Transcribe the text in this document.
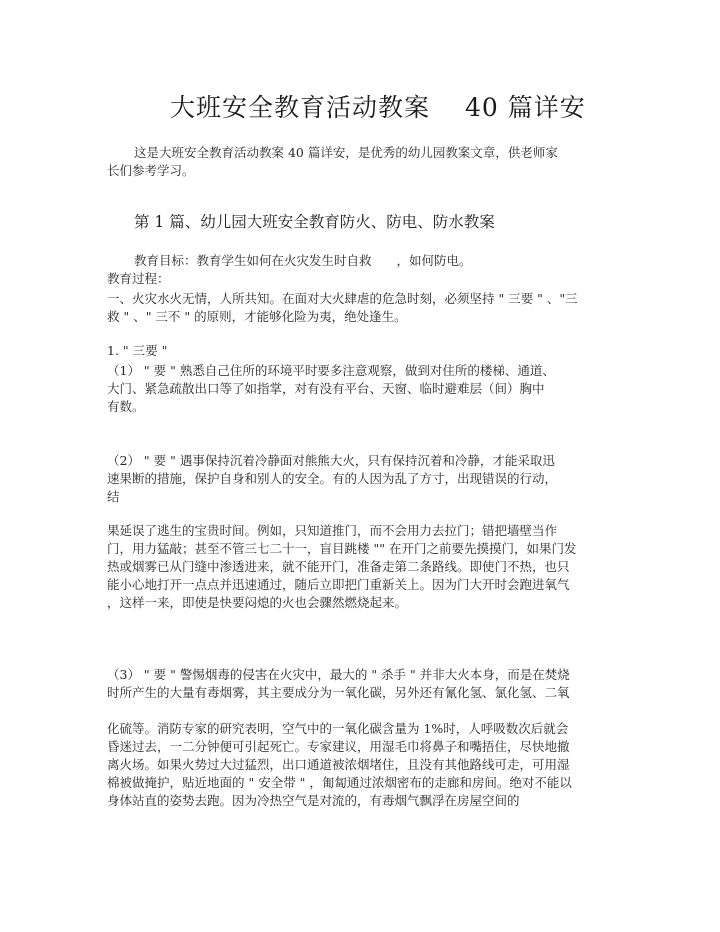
大班安全教育活动教案　 40 篇详安
这是大班安全教育活动教案 40 篇详安，是优秀的幼儿园教案文章，供老师家
长们参考学习。
第 1 篇、幼儿园大班安全教育防火、防电、防水教案
教育目标：教育学生如何在火灾发生时自救　　，如何防电。
教育过程：
一、火灾水火无情，人所共知。在面对大火肆虐的危急时刻，必须坚持 " 三要 " 、"三
救 " 、" 三不 " 的原则，才能够化险为夷，绝处逢生。
1. " 三要 "
（1） " 要 " 熟悉自己住所的环境平时要多注意观察，做到对住所的楼梯、通道、
大门、紧急疏散出口等了如指掌，对有没有平台、天窗、临时避难层（间）胸中
有数。
（2） " 要 " 遇事保持沉着冷静面对熊熊大火，只有保持沉着和冷静，才能采取迅
速果断的措施，保护自身和别人的安全。有的人因为乱了方寸，出现错误的行动，
结
果延误了逃生的宝贵时间。例如，只知道推门，而不会用力去拉门；错把墙壁当作
门，用力猛敲；甚至不管三七二十一，盲目跳楼 "" 在开门之前要先摸摸门，如果门发
热或烟雾已从门缝中渗透进来，就不能开门，准备走第二条路线。即使门不热，也只
能小心地打开一点点并迅速通过，随后立即把门重新关上。因为门大开时会跑进氧气
，这样一来，即使是快要闷熄的火也会骤然燃烧起来。
（3） " 要 " 警惕烟毒的侵害在火灾中，最大的 " 杀手 " 并非大火本身，而是在焚烧
时所产生的大量有毒烟雾，其主要成分为一氧化碳，另外还有氰化氢、氯化氢、二氧
化硫等。消防专家的研究表明，空气中的一氧化碳含量为 1%时，人呼吸数次后就会
昏迷过去，一二分钟便可引起死亡。专家建议，用湿毛巾将鼻子和嘴捂住，尽快地撤
离火场。如果火势过大过猛烈，出口通道被浓烟堵住，且没有其他路线可走，可用湿
棉被做掩护，贴近地面的 " 安全带 " ，匍匐通过浓烟密布的走廊和房间。绝对不能以
身体站直的姿势去跑。因为冷热空气是对流的，有毒烟气飘浮在房屋空间的
